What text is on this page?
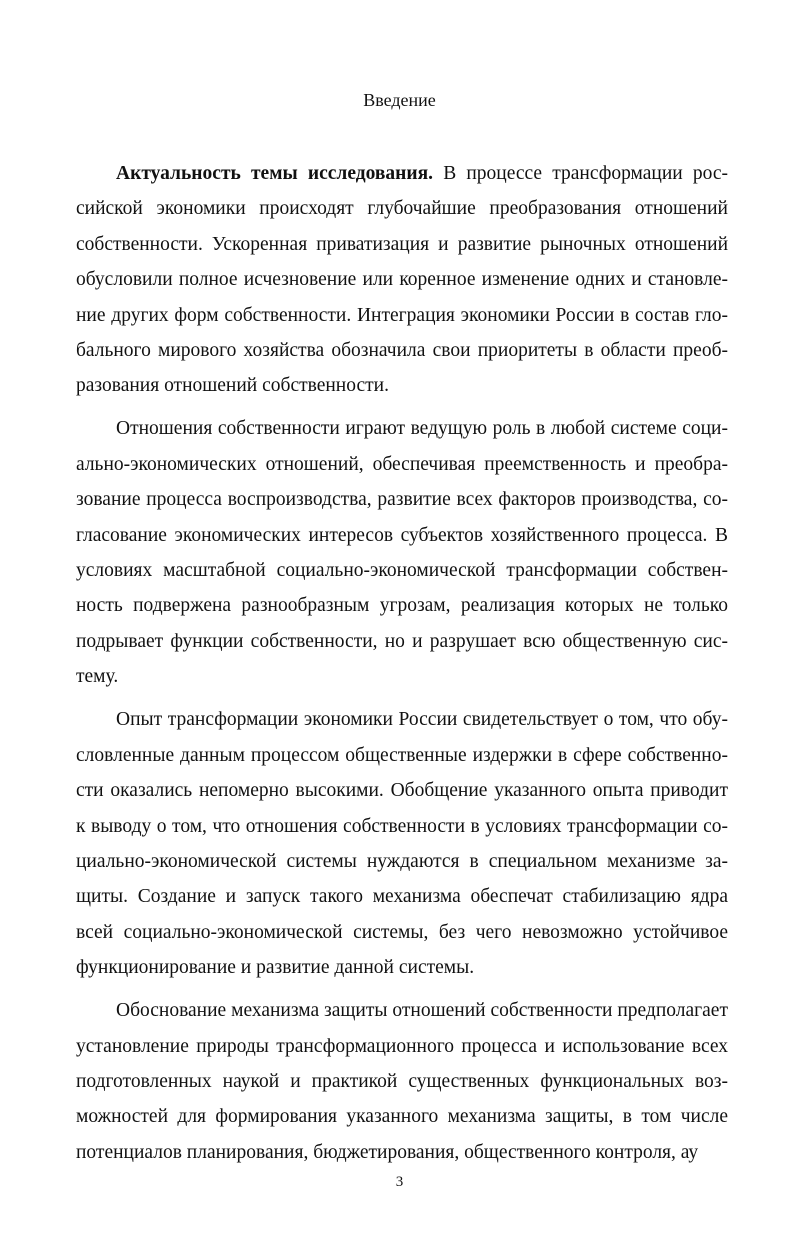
Введение

Актуальность темы исследования. В процессе трансформации российской экономики происходят глубочайшие преобразования отношений собственности. Ускоренная приватизация и развитие рыночных отношений обусловили полное исчезновение или коренное изменение одних и становление других форм собственности. Интеграция экономики России в состав глобального мирового хозяйства обозначила свои приоритеты в области преобразования отношений собственности.

Отношения собственности играют ведущую роль в любой системе социально-экономических отношений, обеспечивая преемственность и преобразование процесса воспроизводства, развитие всех факторов производства, согласование экономических интересов субъектов хозяйственного процесса. В условиях масштабной социально-экономической трансформации собственность подвержена разнообразным угрозам, реализация которых не только подрывает функции собственности, но и разрушает всю общественную систему.

Опыт трансформации экономики России свидетельствует о том, что обусловленные данным процессом общественные издержки в сфере собственности оказались непомерно высокими. Обобщение указанного опыта приводит к выводу о том, что отношения собственности в условиях трансформации социально-экономической системы нуждаются в специальном механизме защиты. Создание и запуск такого механизма обеспечат стабилизацию ядра всей социально-экономической системы, без чего невозможно устойчивое функционирование и развитие данной системы.

Обоснование механизма защиты отношений собственности предполагает установление природы трансформационного процесса и использование всех подготовленных наукой и практикой существенных функциональных возможностей для формирования указанного механизма защиты, в том числе потенциалов планирования, бюджетирования, общественного контроля, ау

3
